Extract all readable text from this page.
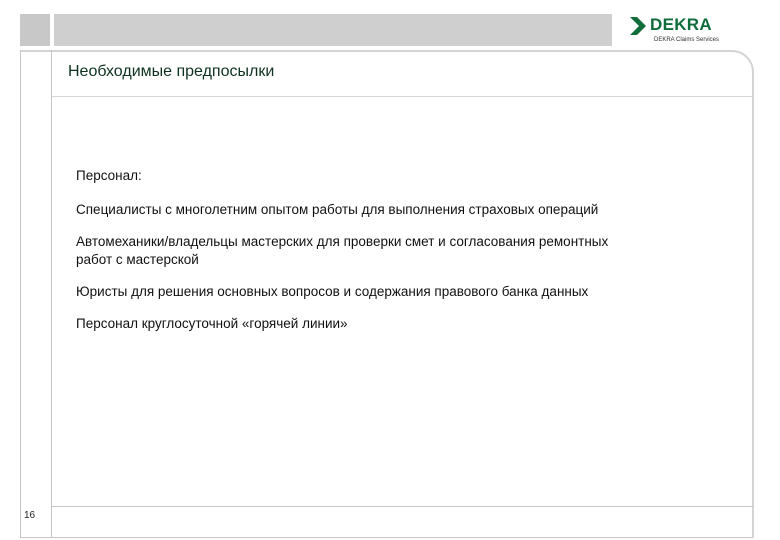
DEKRA
DEKRA Claims Services
Необходимые предпосылки
Персонал:
Специалисты с многолетним опытом работы для выполнения страховых операций
Автомеханики/владельцы мастерских для проверки смет и согласования ремонтных работ с мастерской
Юристы для решения основных вопросов и содержания правового банка данных
Персонал круглосуточной «горячей линии»
16
